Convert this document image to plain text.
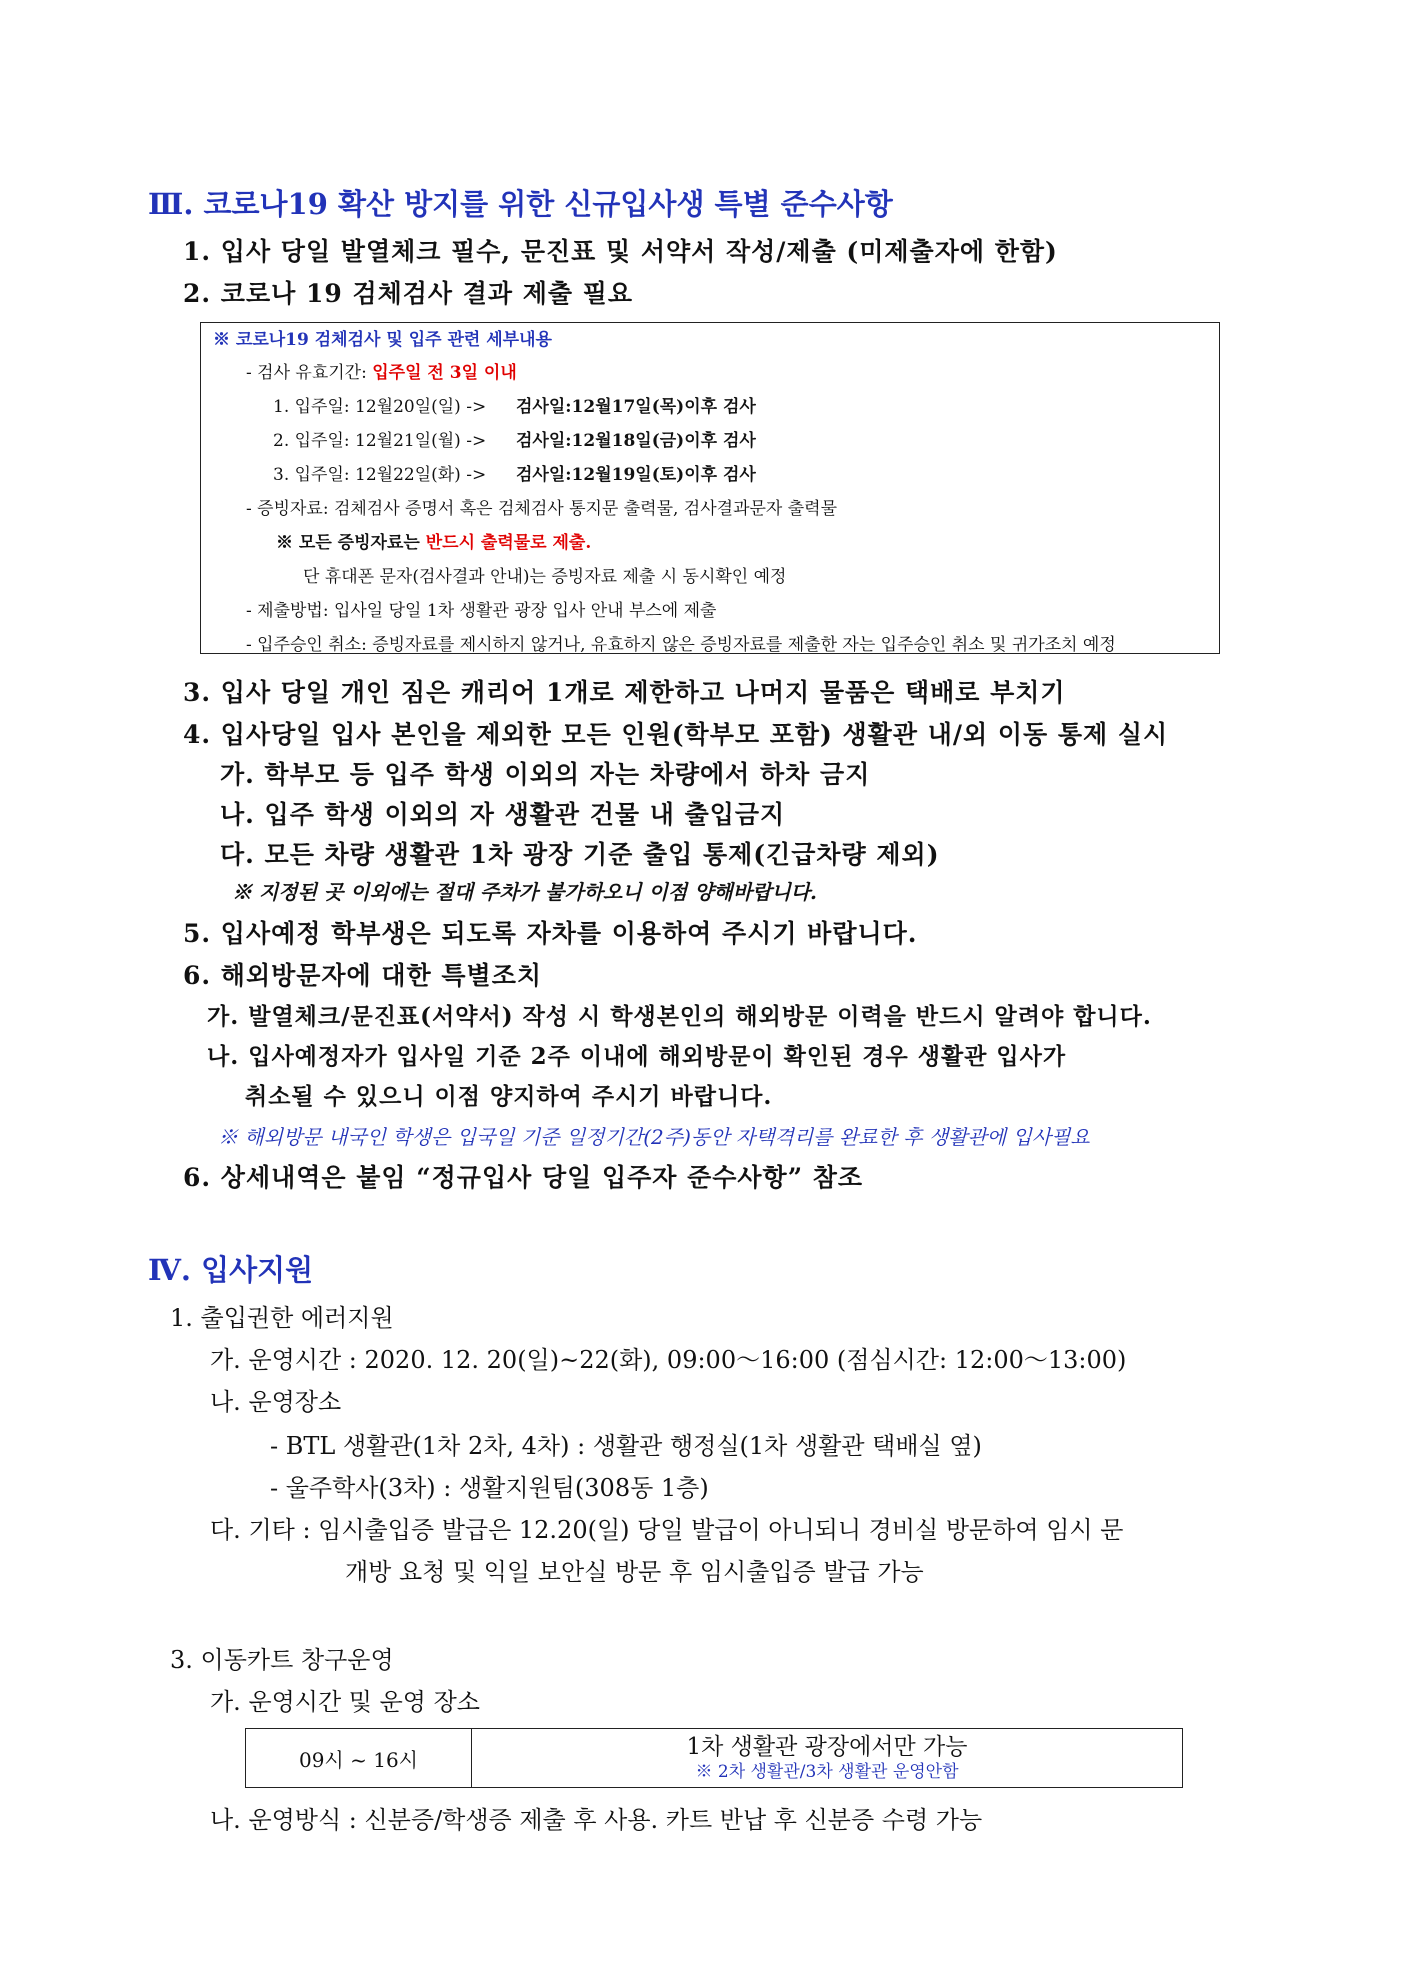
Ⅲ. 코로나19 확산 방지를 위한 신규입사생 특별 준수사항
1. 입사 당일 발열체크 필수, 문진표 및 서약서 작성/제출 (미제출자에 한함)
2. 코로나 19 검체검사 결과 제출 필요
※ 코로나19 검체검사 및 입주 관련 세부내용
- 검사 유효기간: 입주일 전 3일 이내
1. 입주일: 12월20일(일) -> 검사일:12월17일(목)이후 검사
2. 입주일: 12월21일(월) -> 검사일:12월18일(금)이후 검사
3. 입주일: 12월22일(화) -> 검사일:12월19일(토)이후 검사
- 증빙자료: 검체검사 증명서 혹은 검체검사 통지문 출력물, 검사결과문자 출력물
※ 모든 증빙자료는 반드시 출력물로 제출.
단 휴대폰 문자(검사결과 안내)는 증빙자료 제출 시 동시확인 예정
- 제출방법: 입사일 당일 1차 생활관 광장 입사 안내 부스에 제출
- 입주승인 취소: 증빙자료를 제시하지 않거나, 유효하지 않은 증빙자료를 제출한 자는 입주승인 취소 및 귀가조치 예정
3. 입사 당일 개인 짐은 캐리어 1개로 제한하고 나머지 물품은 택배로 부치기
4. 입사당일 입사 본인을 제외한 모든 인원(학부모 포함) 생활관 내/외 이동 통제 실시
가. 학부모 등 입주 학생 이외의 자는 차량에서 하차 금지
나. 입주 학생 이외의 자 생활관 건물 내 출입금지
다. 모든 차량 생활관 1차 광장 기준 출입 통제(긴급차량 제외)
※ 지정된 곳 이외에는 절대 주차가 불가하오니 이점 양해바랍니다.
5. 입사예정 학부생은 되도록 자차를 이용하여 주시기 바랍니다.
6. 해외방문자에 대한 특별조치
가. 발열체크/문진표(서약서) 작성 시 학생본인의 해외방문 이력을 반드시 알려야 합니다.
나. 입사예정자가 입사일 기준 2주 이내에 해외방문이 확인된 경우 생활관 입사가
취소될 수 있으니 이점 양지하여 주시기 바랍니다.
※ 해외방문 내국인 학생은 입국일 기준 일정기간(2주)동안 자택격리를 완료한 후 생활관에 입사필요
6. 상세내역은 붙임 “정규입사 당일 입주자 준수사항” 참조
Ⅳ. 입사지원
1. 출입권한 에러지원
가. 운영시간 : 2020. 12. 20(일)~22(화), 09:00～16:00 (점심시간: 12:00～13:00)
나. 운영장소
- BTL 생활관(1차 2차, 4차) : 생활관 행정실(1차 생활관 택배실 옆)
- 울주학사(3차) : 생활지원팀(308동 1층)
다. 기타 : 임시출입증 발급은 12.20(일) 당일 발급이 아니되니 경비실 방문하여 임시 문
개방 요청 및 익일 보안실 방문 후 임시출입증 발급 가능
3. 이동카트 창구운영
가. 운영시간 및 운영 장소
09시 ~ 16시	1차 생활관 광장에서만 가능
※ 2차 생활관/3차 생활관 운영안함
나. 운영방식 : 신분증/학생증 제출 후 사용. 카트 반납 후 신분증 수령 가능
